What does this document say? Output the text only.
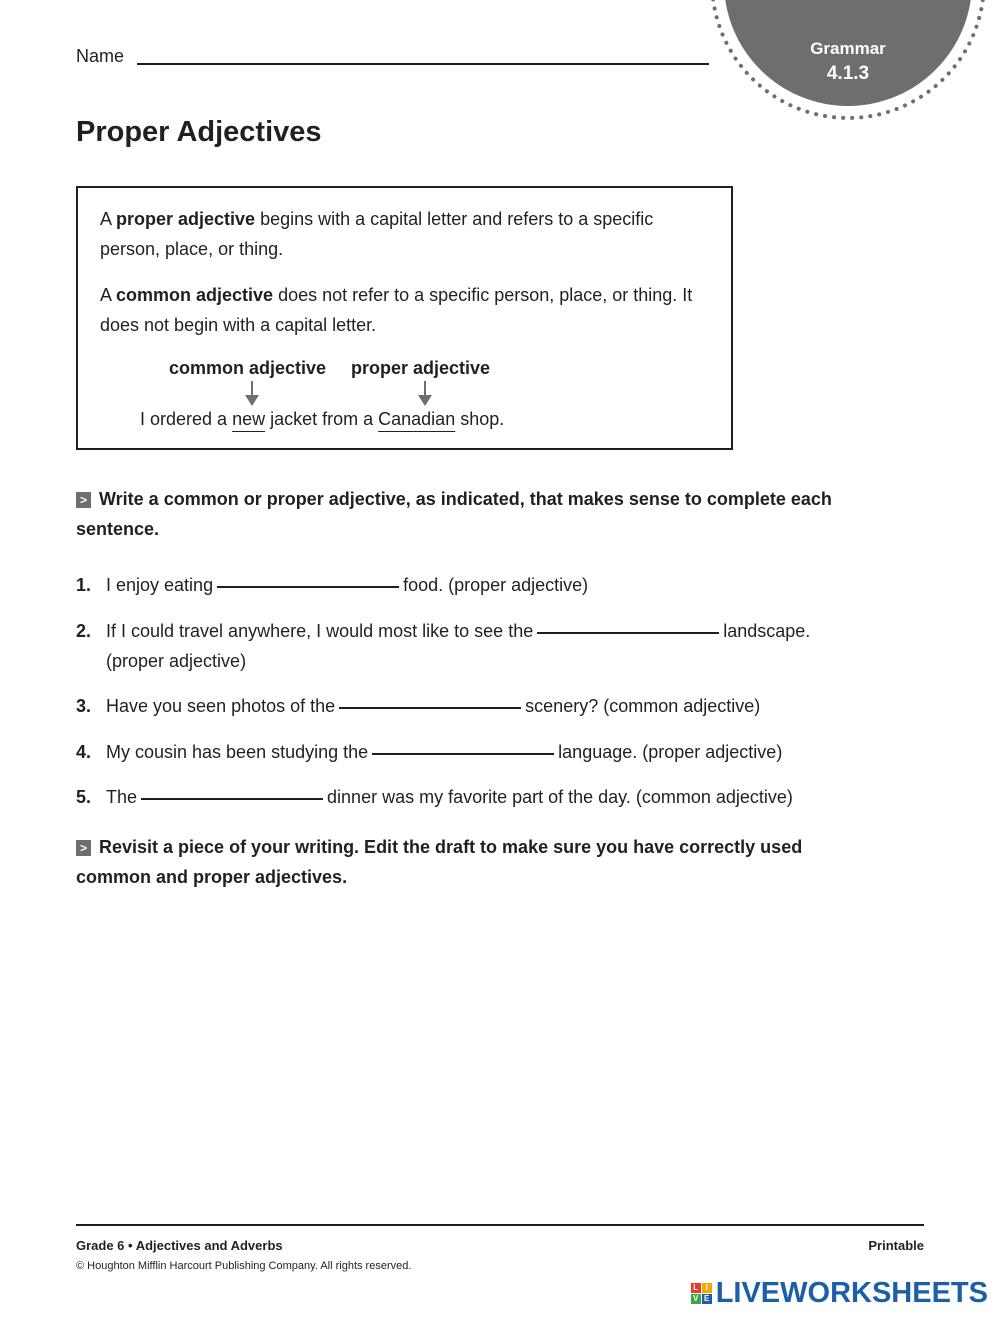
Grammar
4.1.3
Name
Proper Adjectives

A proper adjective begins with a capital letter and refers to a specific person, place, or thing.

A common adjective does not refer to a specific person, place, or thing. It does not begin with a capital letter.

common adjective proper adjective
I ordered a new jacket from a Canadian shop.

> Write a common or proper adjective, as indicated, that makes sense to complete each sentence.

1. I enjoy eating	food. (proper adjective)
2. If I could travel anywhere, I would most like to see the	landscape. (proper adjective)
3. Have you seen photos of the	scenery? (common adjective)
4. My cousin has been studying the	language. (proper adjective)
5. The	dinner was my favorite part of the day. (common adjective)

> Revisit a piece of your writing. Edit the draft to make sure you have correctly used common and proper adjectives.

Grade 6 • Adjectives and Adverbs	Printable
© Houghton Mifflin Harcourt Publishing Company. All rights reserved.
L I
V E LIVEWORKSHEETS
